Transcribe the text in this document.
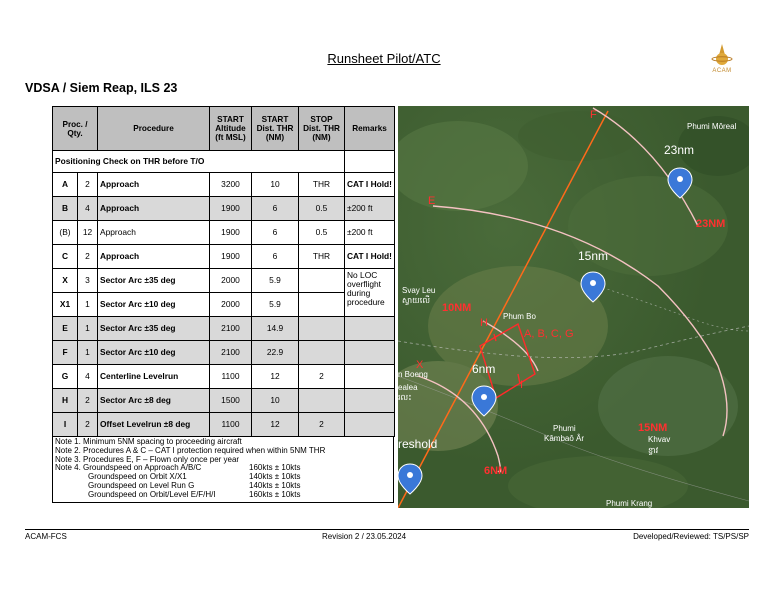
Runsheet Pilot/ATC
ACAM
VDSA / Siem Reap, ILS 23
Proc. / Qty.		Procedure	START Altitude (ft MSL)	START Dist. THR (NM)	STOP Dist. THR (NM)	Remarks
Positioning Check on THR before T/O						
A	2	Approach	3200	10	THR	CAT I Hold!
B	4	Approach	1900	6	0.5	±200 ft
(B)	12	Approach	1900	6	0.5	±200 ft
C	2	Approach	1900	6	THR	CAT I Hold!
X	3	Sector Arc ±35 deg	2000	5.9		No LOC overflight during procedure
X1	1	Sector Arc ±10 deg	2000	5.9		
E	1	Sector Arc ±35 deg	2100	14.9		
F	1	Sector Arc ±10 deg	2100	22.9		
G	4	Centerline Levelrun	1100	12	2	
H	2	Sector Arc ±8 deg	1500	10		
I	2	Offset Levelrun ±8 deg	1100	12	2	
Note 1. Minimum 5NM spacing to proceeding aircraft
Note 2. Procedures A & C – CAT I protection required when within 5NM THR
Note 3. Procedures E, F – Flown only once per year
Note 4. Groundspeed on Approach A/B/C	160kts ± 10kts
Groundspeed on Orbit X/X1	140kts ± 10kts
Groundspeed on Level Run G	140kts ± 10kts
Groundspeed on Orbit/Level E/F/H/I	160kts ± 10kts
F
Phumi Môreal
23nm
23NM
E
15nm
Svay Leu
ស្វាយលើ
10NM
H
Phum Bo
A, B, C, G
X
n Boeng	6nm
ealea
រលះ
I
Phumi
Kâmbaô Âr
15NM
Khvav
ខ្វាវ
reshold
6NM
Phumi Krang
ACAM-FCS	Revision 2 / 23.05.2024	Developed/Reviewed: TS/PS/SP
